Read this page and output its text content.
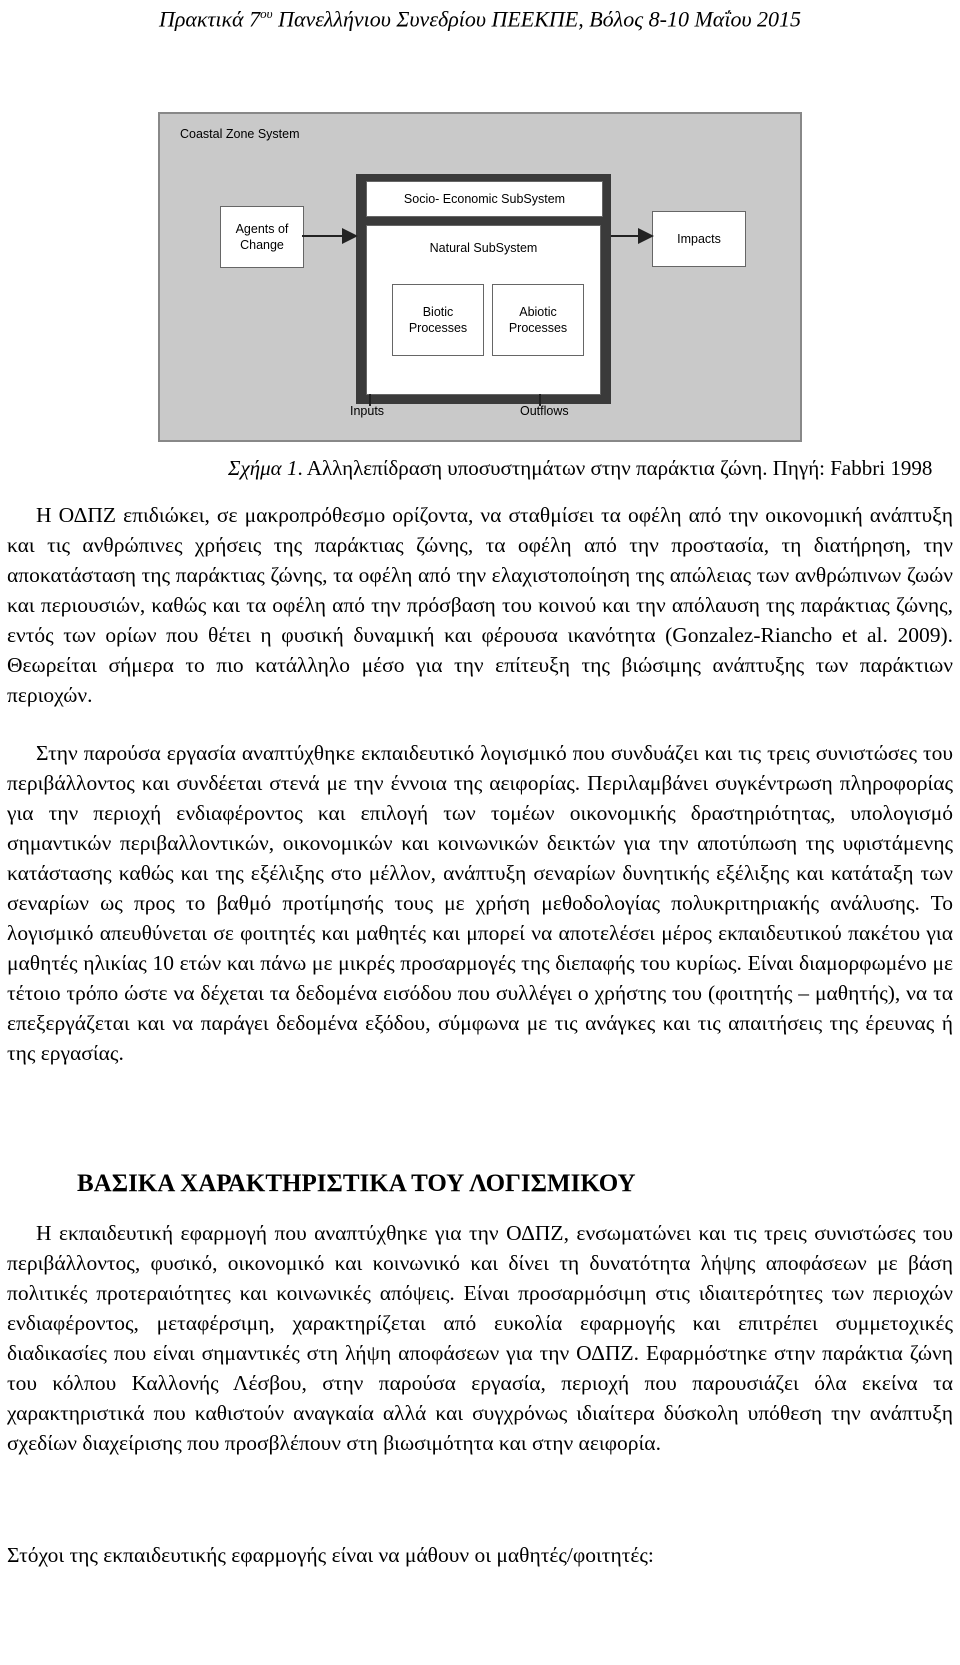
Πρακτικά $7^{o\upsilon}$ Πανελλήνιου Συνεδρίου ΠΕΕΚΠΕ, Βόλος 8-10 Μαΐου 2015
Coastal Zone System
Agents of Change	Impacts
Socio- Economic SubSystem
Natural SubSystem
Biotic Processes
Abiotic Processes
Inputs	Outflows
Σχήμα 1. Αλληλεπίδραση υποσυστημάτων στην παράκτια ζώνη. Πηγή: Fabbri 1998
Η ΟΔΠΖ επιδιώκει, σε μακροπρόθεσμο ορίζοντα, να σταθμίσει τα οφέλη από την οικονομική ανάπτυξη και τις ανθρώπινες χρήσεις της παράκτιας ζώνης, τα οφέλη από την προστασία, τη διατήρηση, την αποκατάσταση της παράκτιας ζώνης, τα οφέλη από την ελαχιστοποίηση της απώλειας των ανθρώπινων ζωών και περιουσιών, καθώς και τα οφέλη από την πρόσβαση του κοινού και την απόλαυση της παράκτιας ζώνης, εντός των ορίων που θέτει η φυσική δυναμική και φέρουσα ικανότητα (Gonzalez-Riancho et al. 2009). Θεωρείται σήμερα το πιο κατάλληλο μέσο για την επίτευξη της βιώσιμης ανάπτυξης των παράκτιων περιοχών.
Στην παρούσα εργασία αναπτύχθηκε εκπαιδευτικό λογισμικό που συνδυάζει και τις τρεις συνιστώσες του περιβάλλοντος και συνδέεται στενά με την έννοια της αειφορίας. Περιλαμβάνει συγκέντρωση πληροφορίας για την περιοχή ενδιαφέροντος και επιλογή των τομέων οικονομικής δραστηριότητας, υπολογισμό σημαντικών περιβαλλοντικών, οικονομικών και κοινωνικών δεικτών για την αποτύπωση της υφιστάμενης κατάστασης καθώς και της εξέλιξης στο μέλλον, ανάπτυξη σεναρίων δυνητικής εξέλιξης και κατάταξη των σεναρίων ως προς το βαθμό προτίμησής τους με χρήση μεθοδολογίας πολυκριτηριακής ανάλυσης. Το λογισμικό απευθύνεται σε φοιτητές και μαθητές και μπορεί να αποτελέσει μέρος εκπαιδευτικού πακέτου για μαθητές ηλικίας 10 ετών και πάνω με μικρές προσαρμογές της διεπαφής του κυρίως. Είναι διαμορφωμένο με τέτοιο τρόπο ώστε να δέχεται τα δεδομένα εισόδου που συλλέγει ο χρήστης του (φοιτητής – μαθητής), να τα επεξεργάζεται και να παράγει δεδομένα εξόδου, σύμφωνα με τις ανάγκες και τις απαιτήσεις της έρευνας ή της εργασίας.
ΒΑΣΙΚΑ ΧΑΡΑΚΤΗΡΙΣΤΙΚΑ ΤΟΥ ΛΟΓΙΣΜΙΚΟΥ
Η εκπαιδευτική εφαρμογή που αναπτύχθηκε για την ΟΔΠΖ, ενσωματώνει και τις τρεις συνιστώσες του περιβάλλοντος, φυσικό, οικονομικό και κοινωνικό και δίνει τη δυνατότητα λήψης αποφάσεων με βάση πολιτικές προτεραιότητες και κοινωνικές απόψεις. Είναι προσαρμόσιμη στις ιδιαιτερότητες των περιοχών ενδιαφέροντος, μεταφέρσιμη, χαρακτηρίζεται από ευκολία εφαρμογής και επιτρέπει συμμετοχικές διαδικασίες που είναι σημαντικές στη λήψη αποφάσεων για την ΟΔΠΖ. Εφαρμόστηκε στην παράκτια ζώνη του κόλπου Καλλονής Λέσβου, στην παρούσα εργασία, περιοχή που παρουσιάζει όλα εκείνα τα χαρακτηριστικά που καθιστούν αναγκαία αλλά και συγχρόνως ιδιαίτερα δύσκολη υπόθεση την ανάπτυξη σχεδίων διαχείρισης που προσβλέπουν στη βιωσιμότητα και στην αειφορία.
Στόχοι της εκπαιδευτικής εφαρμογής είναι να μάθουν οι μαθητές/φοιτητές:
